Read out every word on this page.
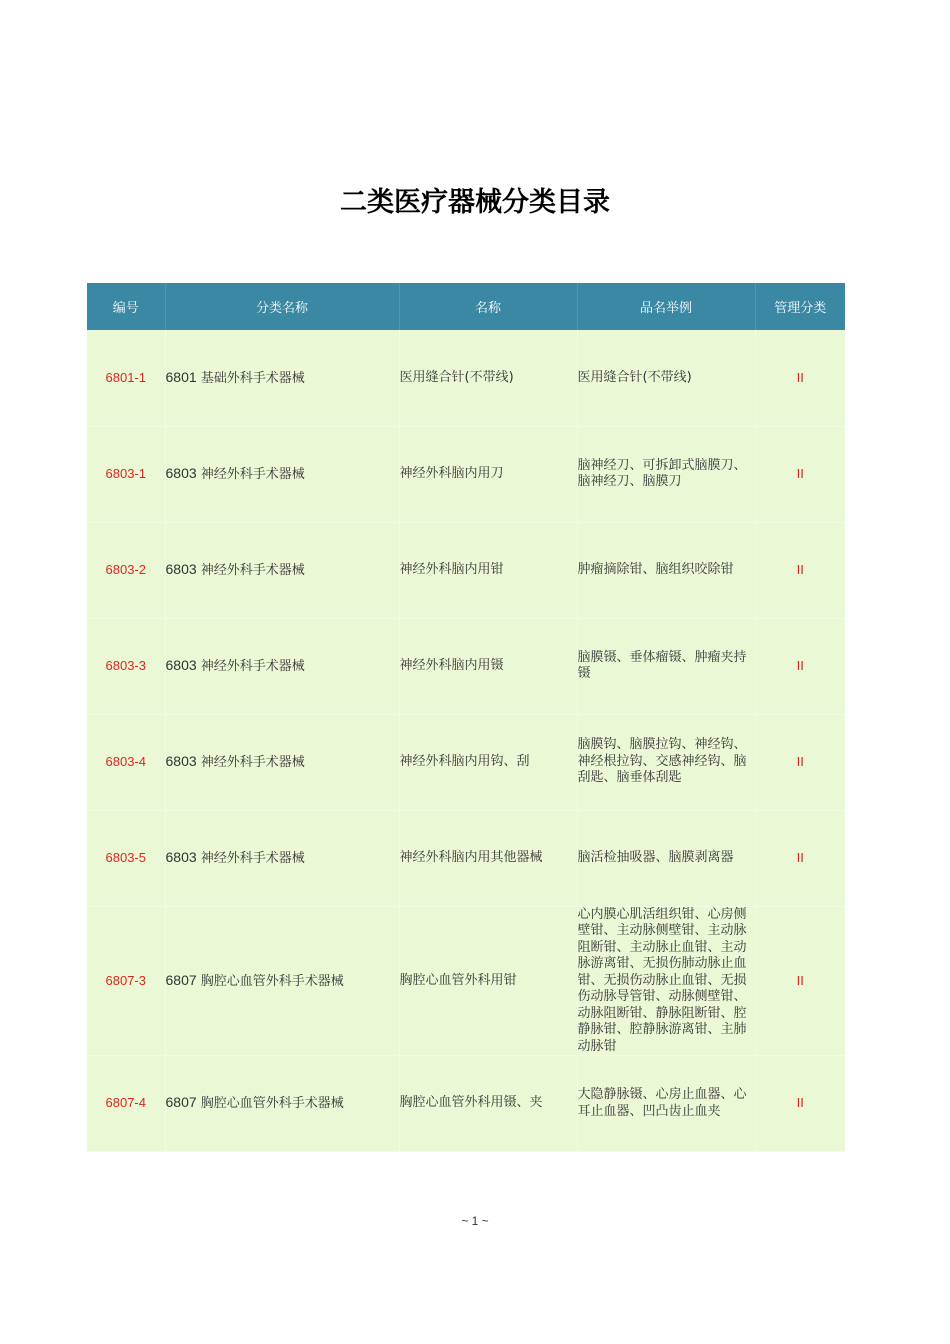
二类医疗器械分类目录
编号	分类名称	名称	品名举例	管理分类
6801-1	6801 基础外科手术器械	医用缝合针(不带线)	医用缝合针(不带线)	II
6803-1	6803 神经外科手术器械	神经外科脑内用刀	脑神经刀、可拆卸式脑膜刀、脑神经刀、脑膜刀	II
6803-2	6803 神经外科手术器械	神经外科脑内用钳	肿瘤摘除钳、脑组织咬除钳	II
6803-3	6803 神经外科手术器械	神经外科脑内用镊	脑膜镊、垂体瘤镊、肿瘤夹持镊	II
6803-4	6803 神经外科手术器械	神经外科脑内用钩、刮	脑膜钩、脑膜拉钩、神经钩、神经根拉钩、交感神经钩、脑刮匙、脑垂体刮匙	II
6803-5	6803 神经外科手术器械	神经外科脑内用其他器械	脑活检抽吸器、脑膜剥离器	II
6807-3	6807 胸腔心血管外科手术器械	胸腔心血管外科用钳	心内膜心肌活组织钳、心房侧壁钳、主动脉侧壁钳、主动脉阻断钳、主动脉止血钳、主动脉游离钳、无损伤肺动脉止血钳、无损伤动脉止血钳、无损伤动脉导管钳、动脉侧壁钳、动脉阻断钳、静脉阻断钳、腔静脉钳、腔静脉游离钳、主肺动脉钳	II
6807-4	6807 胸腔心血管外科手术器械	胸腔心血管外科用镊、夹	大隐静脉镊、心房止血器、心耳止血器、凹凸齿止血夹	II
~ 1 ~
